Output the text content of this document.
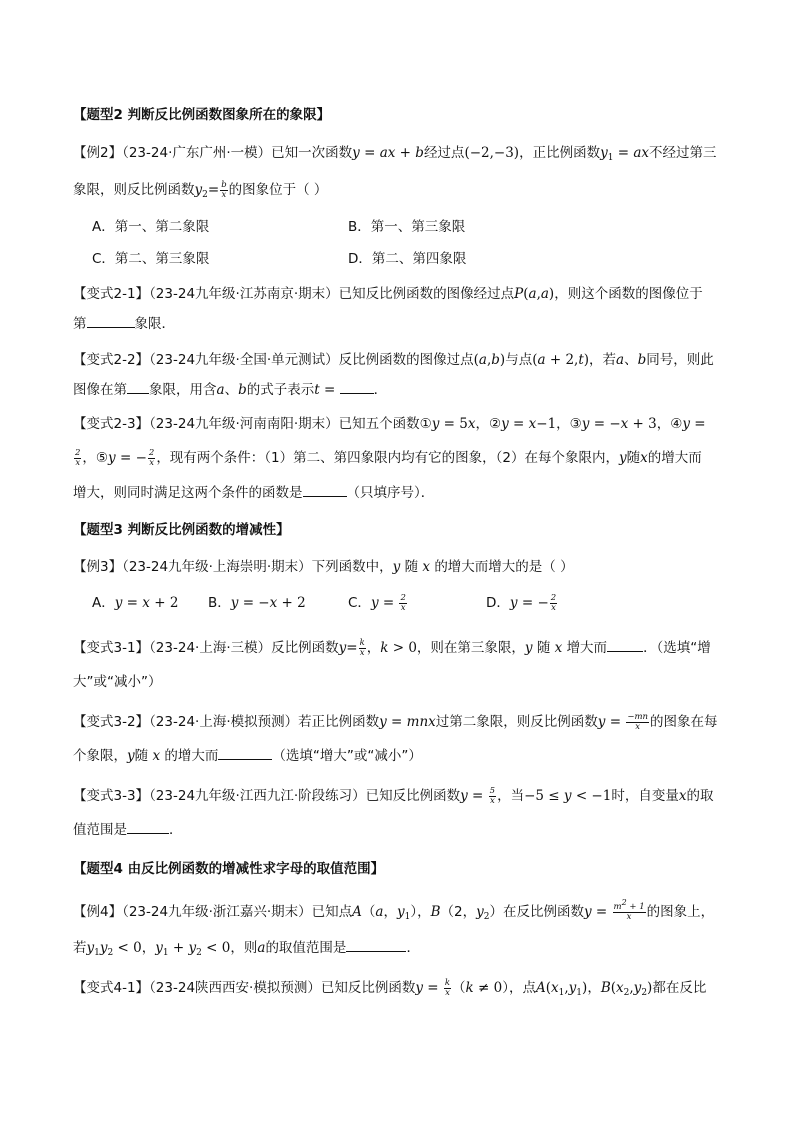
【题型2 判断反比例函数图象所在的象限】
【例2】（23-24·广东广州·一模）已知一次函数y = ax + b经过点(−2,−3)，正比例函数$y_1$ = ax不经过第三
象限，则反比例函数$y_2= \frac{b}{x}$ 的图象位于（ ）
A．第一、第二象限	B．第一、第三象限
C．第二、第三象限	D．第二、第四象限
【变式2-1】（23-24九年级·江苏南京·期末）已知反比例函数的图像经过点P(a,a)，则这个函数的图像位于
第	象限．
【变式2-2】（23-24九年级·全国·单元测试）反比例函数的图像过点(a,b)与点(a + 2,t)，若a、b同号，则此
图像在第 象限，用含a、b的式子表示t =	．
【变式2-3】（23-24九年级·河南南阳·期末）已知五个函数①y = 5x，②y = x−1，③y = −x + 3，④y =
$\frac{2}{x}$ ，⑤y = − $\frac{2}{x}$ ，现有两个条件：（1）第二、第四象限内均有它的图象，（2）在每个象限内，y随x的增大而
增大，则同时满足这两个条件的函数是	（只填序号）．
【题型3 判断反比例函数的增减性】
【例3】（23-24九年级·上海崇明·期末）下列函数中，y 随 x 的增大而增大的是（ ）
A．y = x + 2 B．y = −x + 2	C．$y = \frac{2}{x}$	D．y = − $\frac{2}{x}$
【变式3-1】（23-24·上海·三模）反比例函数$y= \frac{k}{x}$ ，k > 0，则在第三象限，y 随 x 增大而	．（选填“增
大”或“减小”）
【变式3-2】（23-24·上海·模拟预测）若正比例函数y = mnx过第二象限，则反比例函数$y = \frac{-mn}{x}$ 的图象在每
个象限，y随 x 的增大而	（选填“增大”或“减小”）
【变式3-3】（23-24九年级·江西九江·阶段练习）已知反比例函数$y = \frac{5}{x}$ ，当−5 ≤ y < −1时，自变量x的取
值范围是	．
【题型4 由反比例函数的增减性求字母的取值范围】
【例4】（23-24九年级·浙江嘉兴·期末）已知点A（a，$y_1$），B（2，$y_2$）在反比例函数$y = \frac{m^2 + 1}{x}$ 的图象上，
若$y_1y_2 < 0$，$y_1 + y_2 < 0$，则a的取值范围是	．
【变式4-1】（23-24陕西西安·模拟预测）已知反比例函数$y = \frac{k}{x} (k \ne 0)$，点$A(x_1,y_1)$，$B(x_2,y_2)$都在反比
